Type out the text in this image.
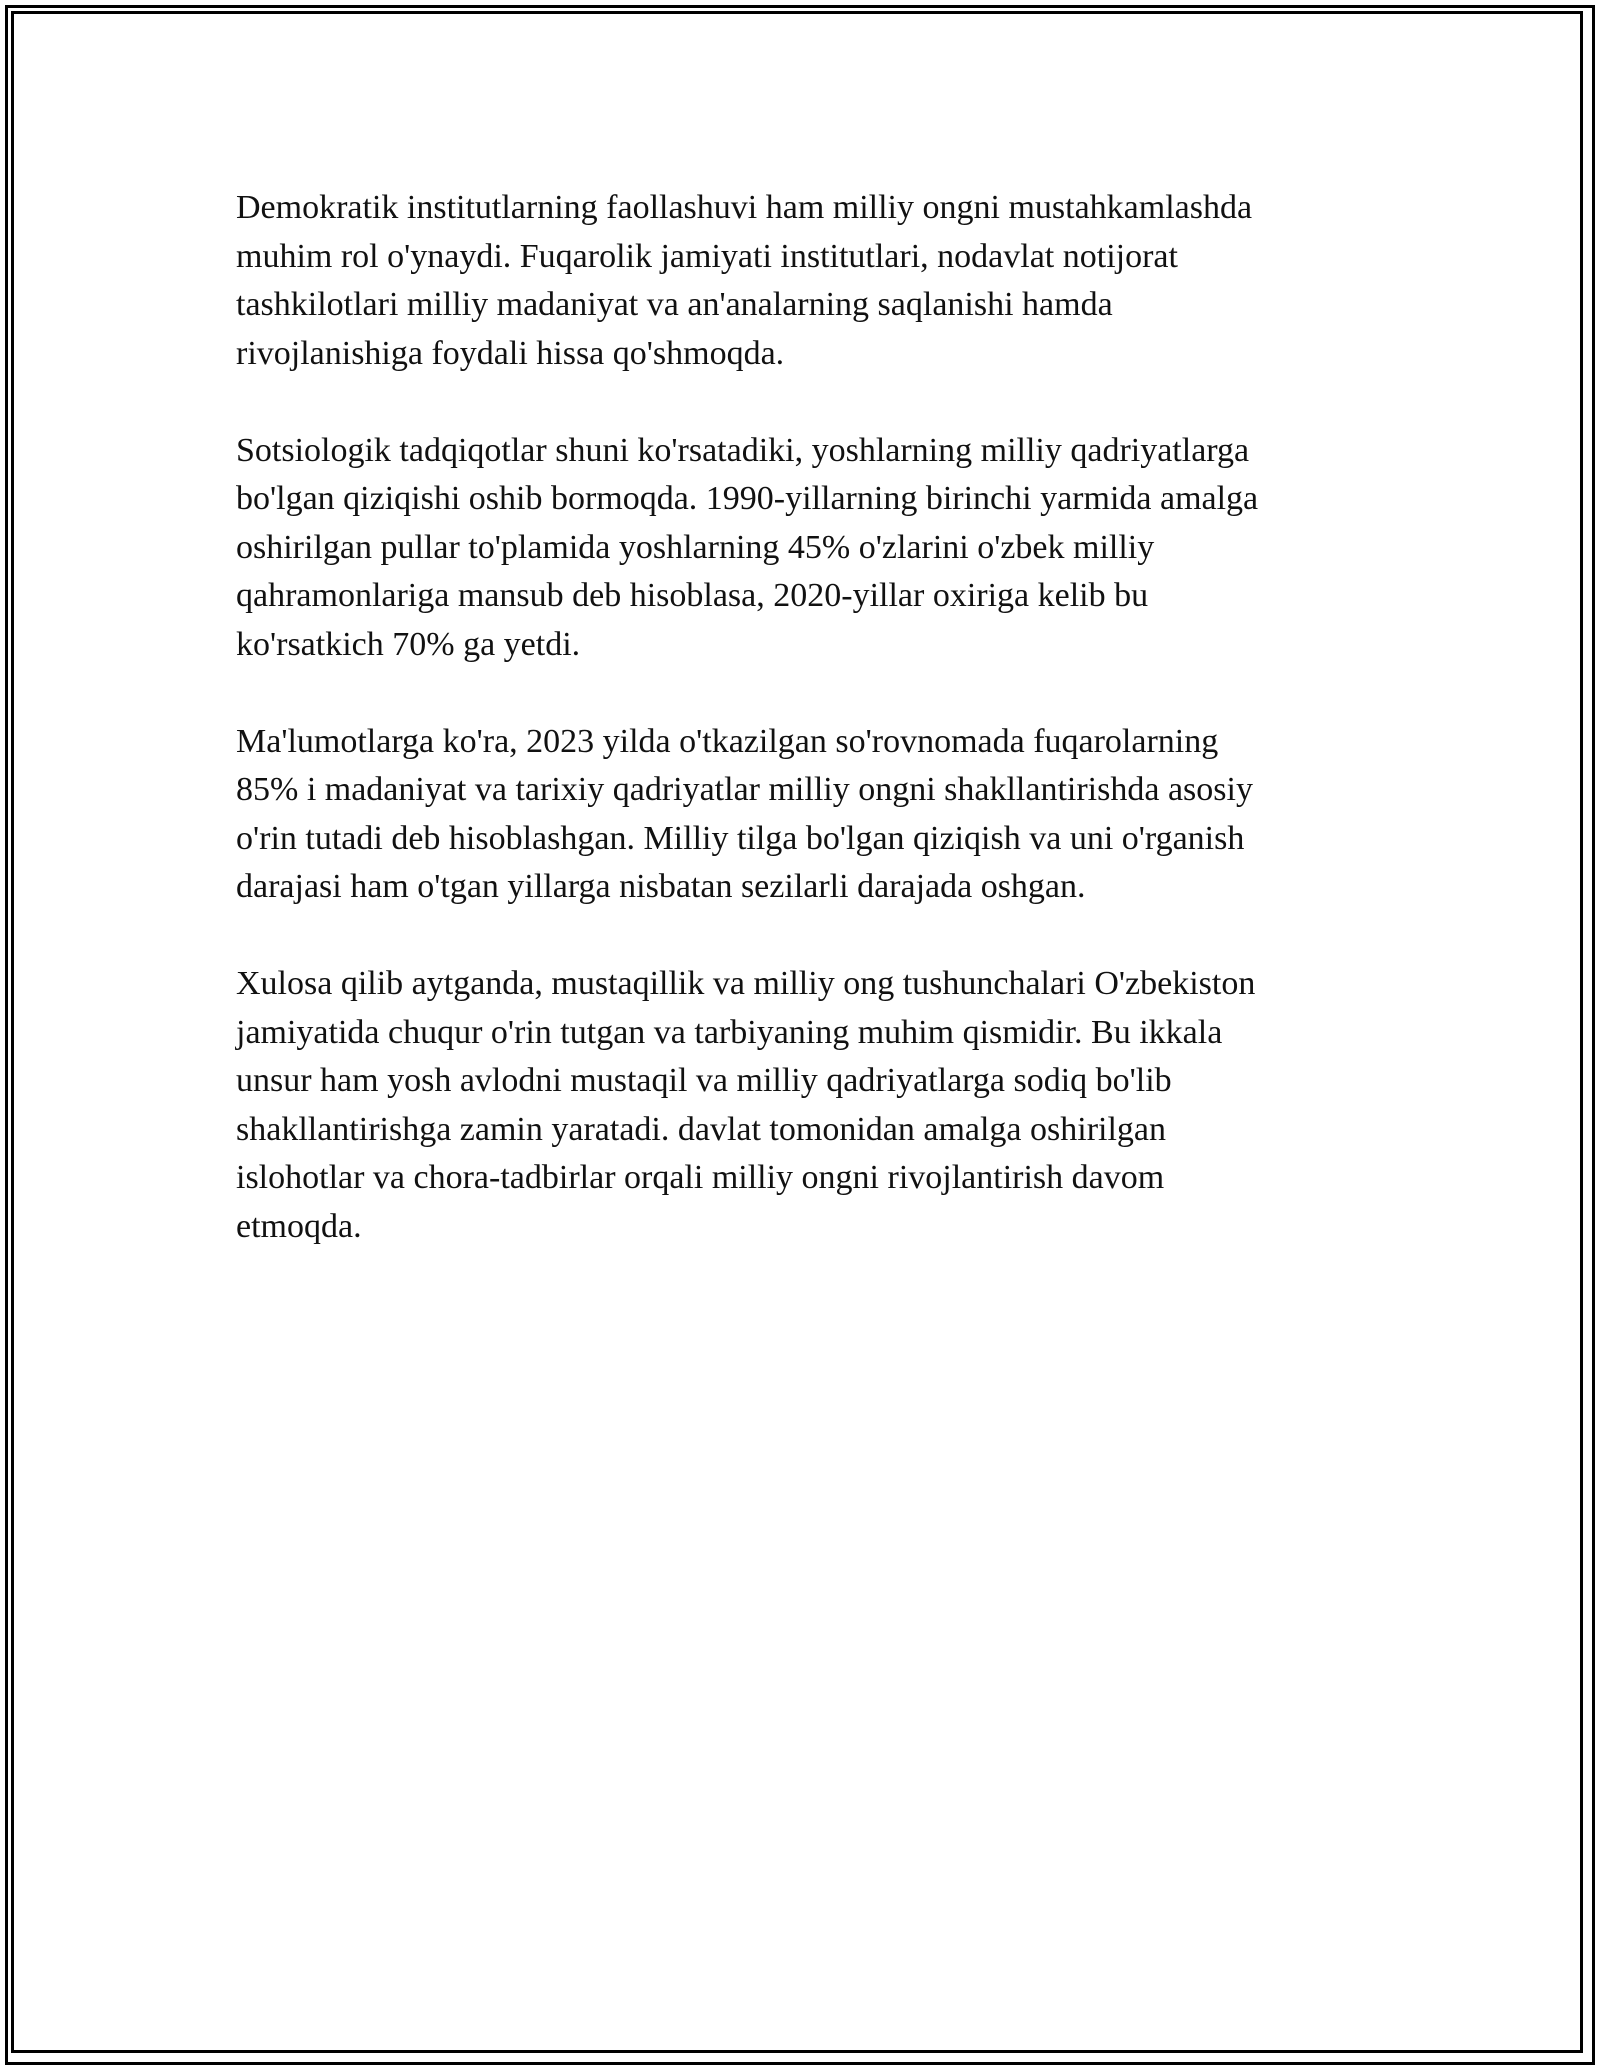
Demokratik institutlarning faollashuvi ham milliy ongni mustahkamlashda
muhim rol o'ynaydi. Fuqarolik jamiyati institutlari, nodavlat notijorat
tashkilotlari milliy madaniyat va an'analarning saqlanishi hamda
rivojlanishiga foydali hissa qo'shmoqda.

Sotsiologik tadqiqotlar shuni ko'rsatadiki, yoshlarning milliy qadriyatlarga
bo'lgan qiziqishi oshib bormoqda. 1990-yillarning birinchi yarmida amalga
oshirilgan pullar to'plamida yoshlarning 45% o'zlarini o'zbek milliy
qahramonlariga mansub deb hisoblasa, 2020-yillar oxiriga kelib bu
ko'rsatkich 70% ga yetdi.

Ma'lumotlarga ko'ra, 2023 yilda o'tkazilgan so'rovnomada fuqarolarning
85% i madaniyat va tarixiy qadriyatlar milliy ongni shakllantirishda asosiy
o'rin tutadi deb hisoblashgan. Milliy tilga bo'lgan qiziqish va uni o'rganish
darajasi ham o'tgan yillarga nisbatan sezilarli darajada oshgan.

Xulosa qilib aytganda, mustaqillik va milliy ong tushunchalari O'zbekiston
jamiyatida chuqur o'rin tutgan va tarbiyaning muhim qismidir. Bu ikkala
unsur ham yosh avlodni mustaqil va milliy qadriyatlarga sodiq bo'lib
shakllantirishga zamin yaratadi. davlat tomonidan amalga oshirilgan
islohotlar va chora-tadbirlar orqali milliy ongni rivojlantirish davom
etmoqda.
